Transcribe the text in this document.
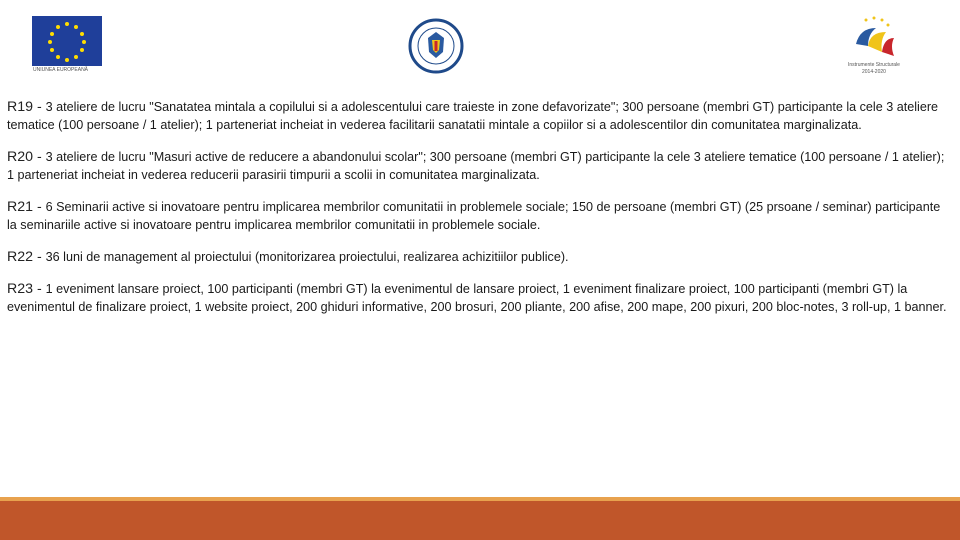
UNIUNEA EUROPEANĂ
Instrumente Structurale
2014-2020

R19 - 3 ateliere de lucru "Sanatatea mintala a copilului si a adolescentului care traieste in zone defavorizate"; 300 persoane (membri GT) participante la cele 3 ateliere tematice (100 persoane / 1 atelier); 1 parteneriat incheiat in vederea facilitarii sanatatii mintale a copiilor si a adolescentilor din comunitatea marginalizata.

R20 - 3 ateliere de lucru "Masuri active de reducere a abandonului scolar"; 300 persoane (membri GT) participante la cele 3 ateliere tematice (100 persoane / 1 atelier); 1 parteneriat incheiat in vederea reducerii parasirii timpurii a scolii in comunitatea marginalizata.

R21 - 6 Seminarii active si inovatoare pentru implicarea membrilor comunitatii in problemele sociale; 150 de persoane (membri GT) (25 prsoane / seminar) participante la seminariile active si inovatoare pentru implicarea membrilor comunitatii in problemele sociale.

R22 - 36 luni de management al proiectului (monitorizarea proiectului, realizarea achizitiilor publice).

R23 - 1 eveniment lansare proiect, 100 participanti (membri GT) la evenimentul de lansare proiect, 1 eveniment finalizare proiect, 100 participanti (membri GT) la evenimentul de finalizare proiect, 1 website proiect, 200 ghiduri informative, 200 brosuri, 200 pliante, 200 afise, 200 mape, 200 pixuri, 200 bloc-notes, 3 roll-up, 1 banner.
